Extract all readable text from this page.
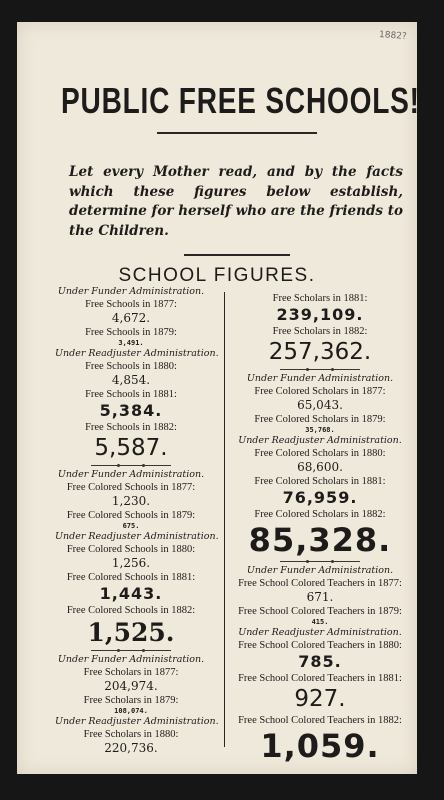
1882?
PUBLIC FREE SCHOOLS!
Let every Mother read, and by the facts which these figures below establish, determine for herself who are the friends to the Children.
SCHOOL FIGURES.
Under Funder Administration.
Free Schools in 1877:
4,672.
Free Schools in 1879:
3,491.
Under Readjuster Administration.
Free Schools in 1880:
4,854.
Free Schools in 1881:
5,384.
Free Schools in 1882:
5,587.
Under Funder Administration.
Free Colored Schools in 1877:
1,230.
Free Colored Schools in 1879:
675.
Under Readjuster Administration.
Free Colored Schools in 1880:
1,256.
Free Colored Schools in 1881:
1,443.
Free Colored Schools in 1882:
1,525.
Under Funder Administration.
Free Scholars in 1877:
204,974.
Free Scholars in 1879:
108,074.
Under Readjuster Administration.
Free Scholars in 1880:
220,736.
Free Scholars in 1881:
239,109.
Free Scholars in 1882:
257,362.
Under Funder Administration.
Free Colored Scholars in 1877:
65,043.
Free Colored Scholars in 1879:
35,768.
Under Readjuster Administration.
Free Colored Scholars in 1880:
68,600.
Free Colored Scholars in 1881:
76,959.
Free Colored Scholars in 1882:
85,328.
Under Funder Administration.
Free School Colored Teachers in 1877:
671.
Free School Colored Teachers in 1879:
415.
Under Readjuster Administration.
Free School Colored Teachers in 1880:
785.
Free School Colored Teachers in 1881:
927.
Free School Colored Teachers in 1882:
1,059.
